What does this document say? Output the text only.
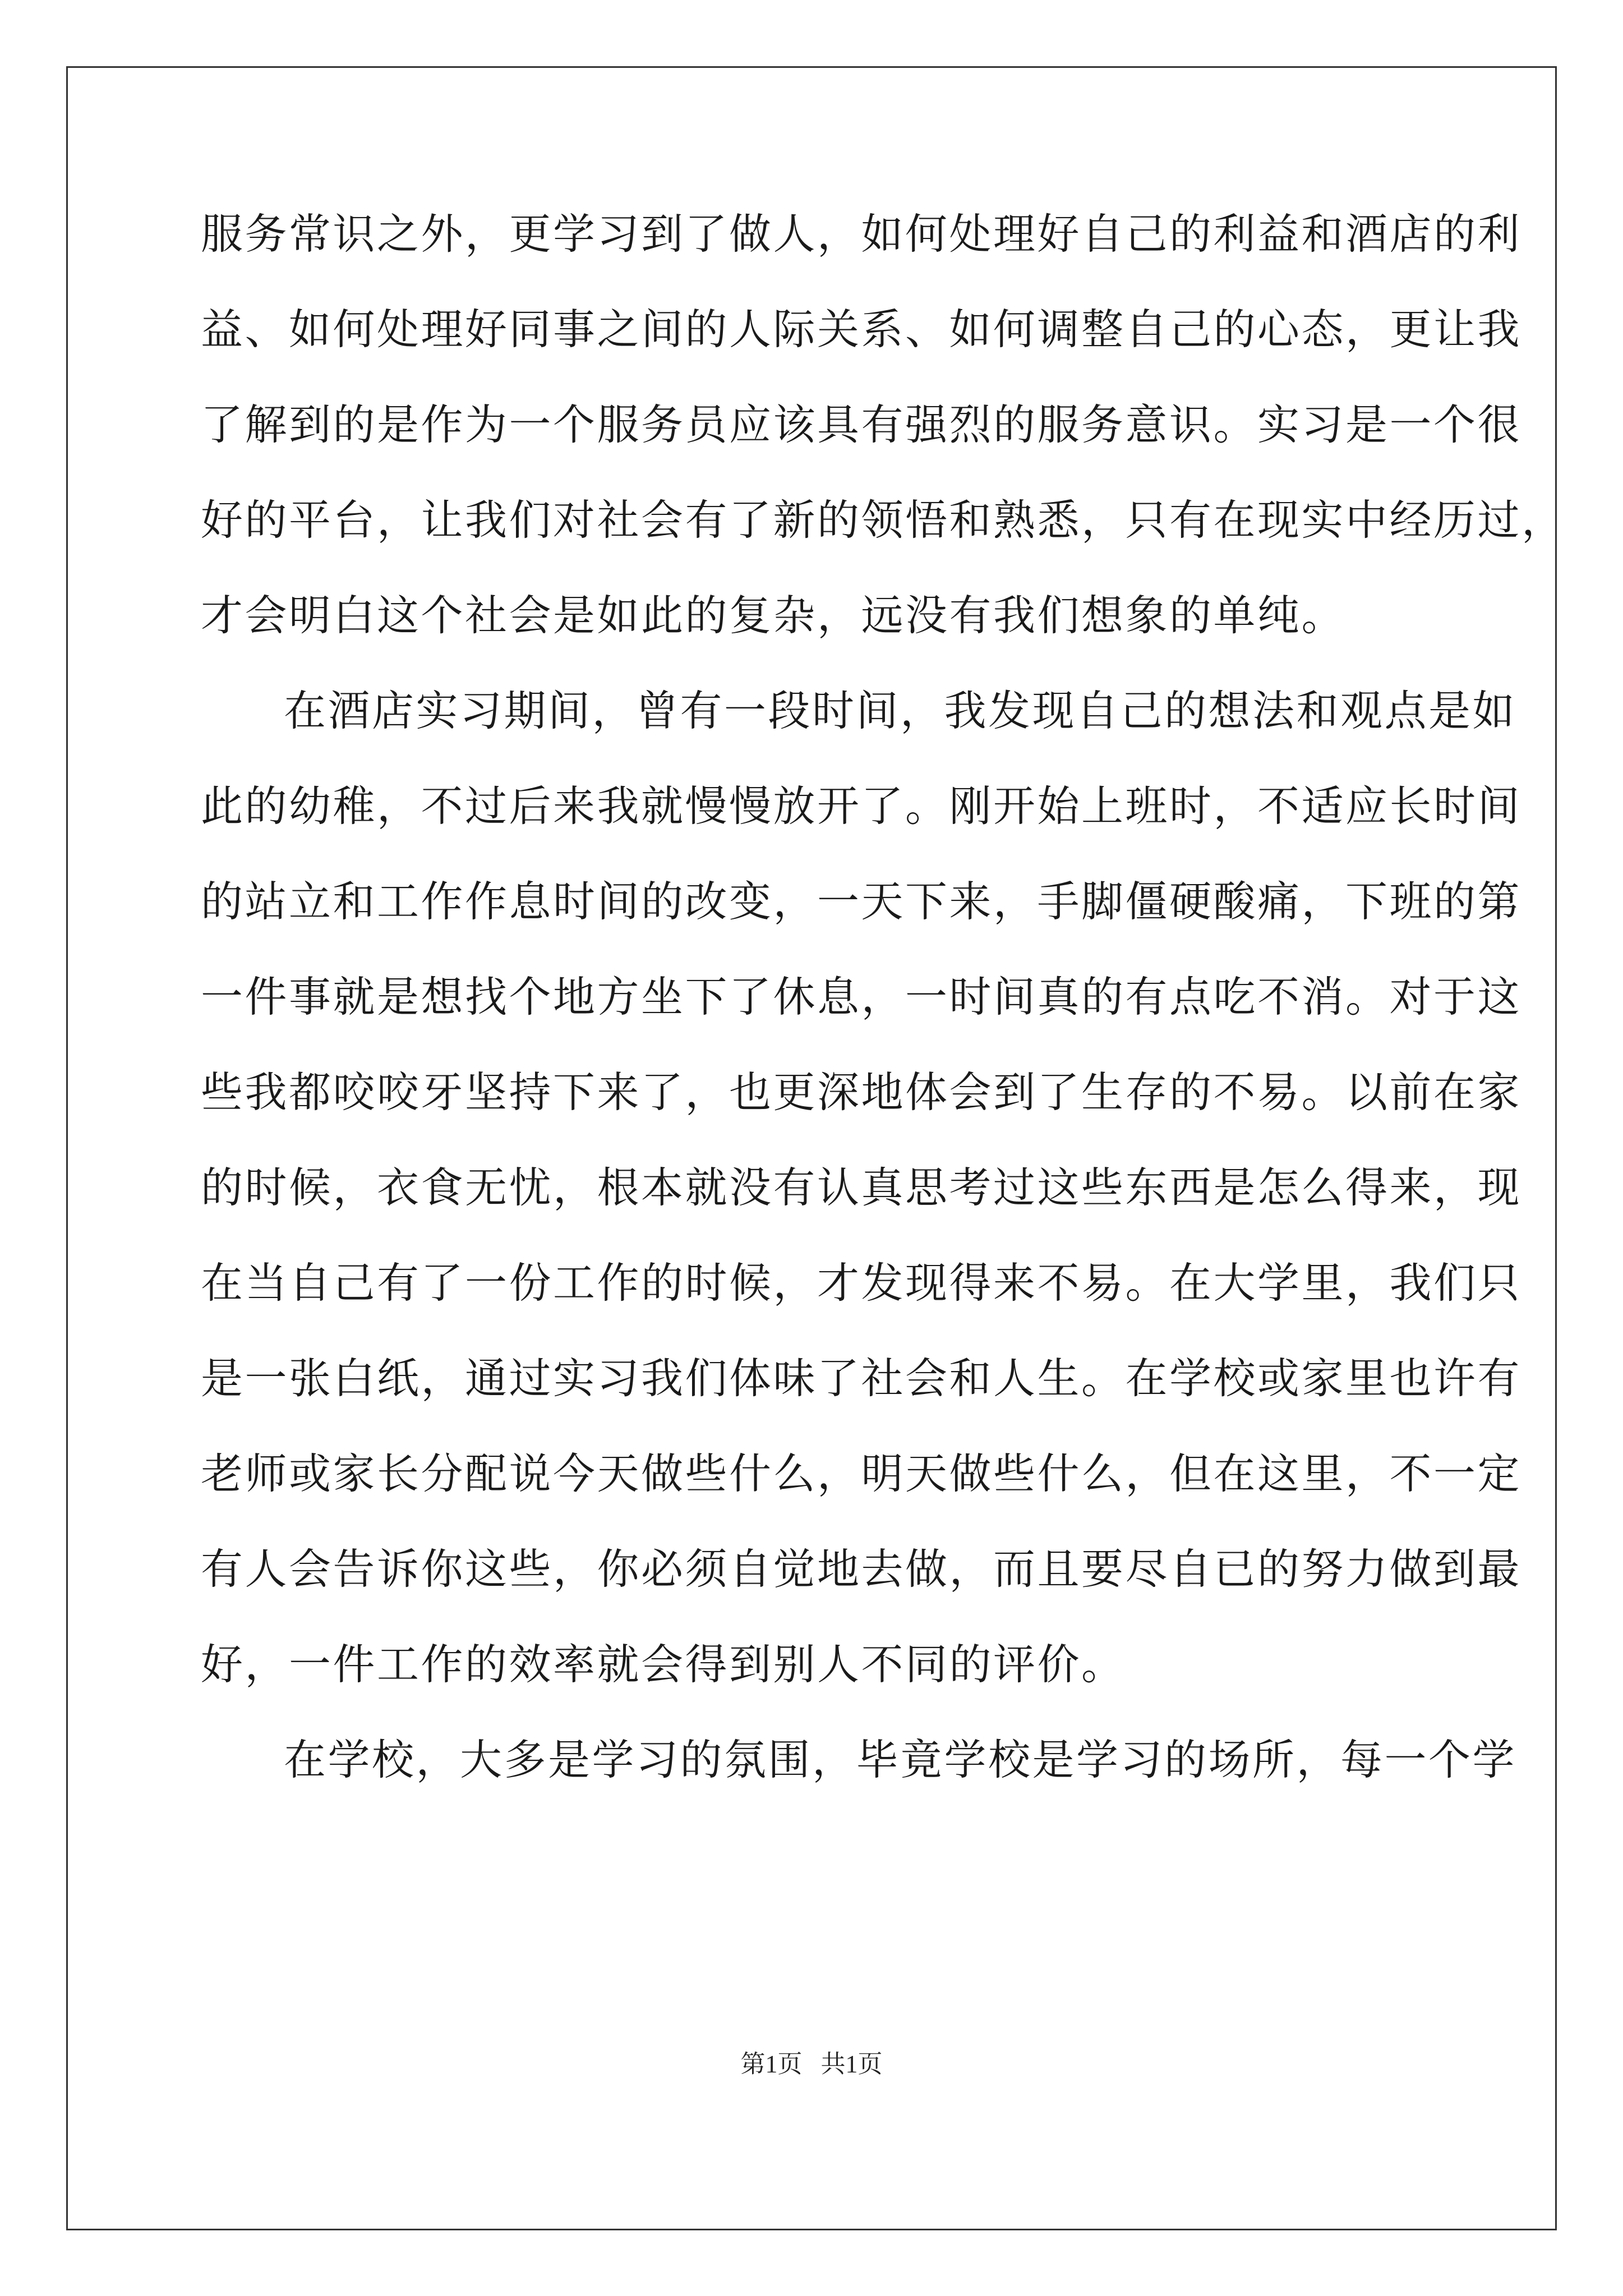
服务常识之外，更学习到了做人，如何处理好自己的利益和酒店的利
益、如何处理好同事之间的人际关系、如何调整自己的心态，更让我
了解到的是作为一个服务员应该具有强烈的服务意识。实习是一个很
好的平台，让我们对社会有了新的领悟和熟悉，只有在现实中经历过，
才会明白这个社会是如此的复杂，远没有我们想象的单纯。
在酒店实习期间，曾有一段时间，我发现自己的想法和观点是如
此的幼稚，不过后来我就慢慢放开了。刚开始上班时，不适应长时间
的站立和工作作息时间的改变，一天下来，手脚僵硬酸痛，下班的第
一件事就是想找个地方坐下了休息，一时间真的有点吃不消。对于这
些我都咬咬牙坚持下来了，也更深地体会到了生存的不易。以前在家
的时候，衣食无忧，根本就没有认真思考过这些东西是怎么得来，现
在当自己有了一份工作的时候，才发现得来不易。在大学里，我们只
是一张白纸，通过实习我们体味了社会和人生。在学校或家里也许有
老师或家长分配说今天做些什么，明天做些什么，但在这里，不一定
有人会告诉你这些，你必须自觉地去做，而且要尽自已的努力做到最
好，一件工作的效率就会得到别人不同的评价。
在学校，大多是学习的氛围，毕竟学校是学习的场所，每一个学
第1页   共1页
